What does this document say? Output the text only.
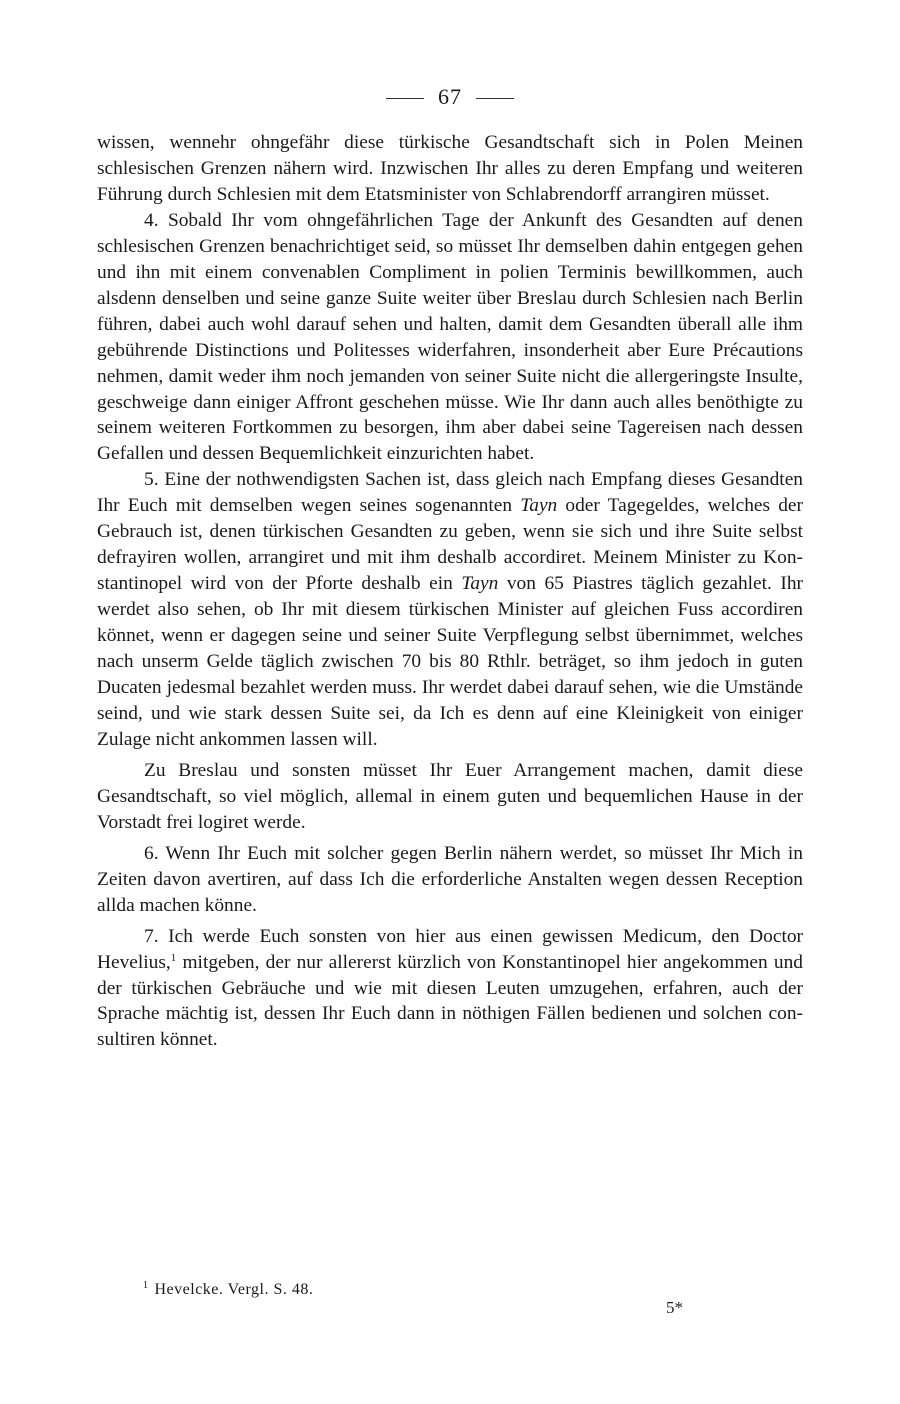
67

wissen, wennehr ohngefähr diese türkische Gesandtschaft sich in Polen Meinen schlesischen Grenzen nähern wird. Inzwischen Ihr alles zu deren Empfang und weiteren Führung durch Schlesien mit dem Etatsminister von Schlabrendorff arrangiren müsset.

4. Sobald Ihr vom ohngefährlichen Tage der Ankunft des Gesandten auf denen schlesischen Grenzen benachrichtiget seid, so müsset Ihr demselben dahin entgegen gehen und ihn mit einem convenablen Compliment in polien Terminis bewillkommen, auch alsdenn denselben und seine ganze Suite weiter über Breslau durch Schlesien nach Berlin führen, dabei auch wohl darauf sehen und halten, damit dem Gesandten überall alle ihm gebührende Distinctions und Politesses widerfahren, insonderheit aber Eure Précautions nehmen, damit weder ihm noch jemanden von seiner Suite nicht die allergeringste Insulte, geschweige dann einiger Affront geschehen müsse. Wie Ihr dann auch alles benöthigte zu seinem weiteren Fortkommen zu besorgen, ihm aber dabei seine Tagereisen nach dessen Gefallen und dessen Bequemlichkeit einzurichten habet.

5. Eine der nothwendigsten Sachen ist, dass gleich nach Empfang dieses Gesandten Ihr Euch mit demselben wegen seines sogenannten Tayn oder Tagegeldes, welches der Gebrauch ist, denen türkischen Gesandten zu geben, wenn sie sich und ihre Suite selbst defrayiren wollen, arrangiret und mit ihm deshalb accordiret. Meinem Minister zu Konstantinopel wird von der Pforte deshalb ein Tayn von 65 Piastres täglich gezahlet. Ihr werdet also sehen, ob Ihr mit diesem türkischen Minister auf gleichen Fuss accordiren könnet, wenn er dagegen seine und seiner Suite Verpflegung selbst übernimmet, welches nach unserm Gelde täglich zwischen 70 bis 80 Rthlr. beträget, so ihm jedoch in guten Ducaten jedesmal bezahlet werden muss. Ihr werdet dabei darauf sehen, wie die Umstände seind, und wie stark dessen Suite sei, da Ich es denn auf eine Kleinigkeit von einiger Zulage nicht ankommen lassen will.

Zu Breslau und sonsten müsset Ihr Euer Arrangement machen, damit diese Gesandtschaft, so viel möglich, allemal in einem guten und bequemlichen Hause in der Vorstadt frei logiret werde.

6. Wenn Ihr Euch mit solcher gegen Berlin nähern werdet, so müsset Ihr Mich in Zeiten davon avertiren, auf dass Ich die erforderliche Anstalten wegen dessen Reception allda machen könne.

7. Ich werde Euch sonsten von hier aus einen gewissen Medicum, den Doctor Hevelius,$^1$ mitgeben, der nur allererst kürzlich von Konstantinopel hier angekommen und der türkischen Gebräuche und wie mit diesen Leuten umzugehen, erfahren, auch der Sprache mächtig ist, dessen Ihr Euch dann in nöthigen Fällen bedienen und solchen consultiren könnet.

$^1$ Hevelcke. Vergl. S. 48.
5*
